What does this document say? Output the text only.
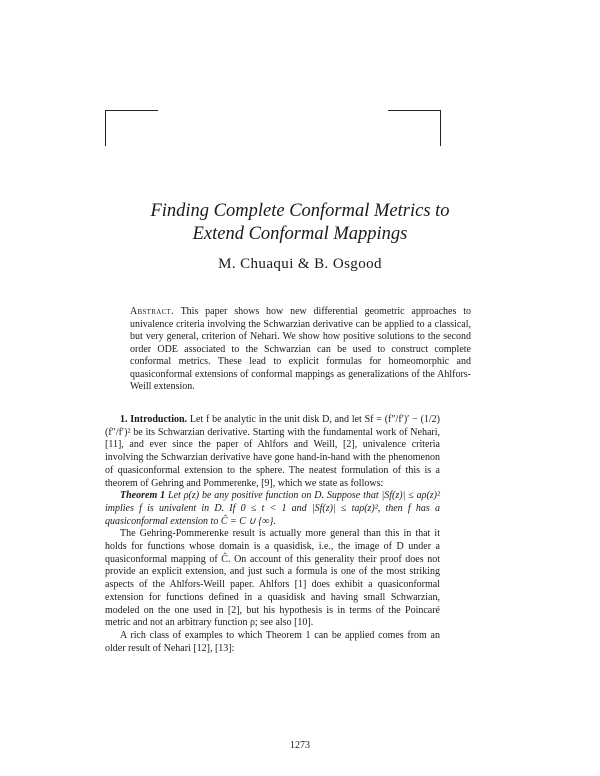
Finding Complete Conformal Metrics to
Extend Conformal Mappings
M. Chuaqui & B. Osgood
Abstract. This paper shows how new differential geometric approaches to univalence criteria involving the Schwarzian derivative can be applied to a classical, but very general, criterion of Nehari. We show how positive solutions to the second order ODE associated to the Schwarzian can be used to construct complete conformal metrics. These lead to explicit formulas for homeomorphic and quasiconformal extensions of conformal mappings as generalizations of the Ahlfors-Weill extension.

1. Introduction. Let f be analytic in the unit disk D, and let Sf = (f″/f′)′ − (1/2)(f″/f′)² be its Schwarzian derivative. Starting with the fundamental work of Nehari, [11], and ever since the paper of Ahlfors and Weill, [2], univalence criteria involving the Schwarzian derivative have gone hand-in-hand with the phenomenon of quasiconformal extension to the sphere. The neatest formulation of this is a theorem of Gehring and Pommerenke, [9], which we state as follows:

Theorem 1 Let ρ(z) be any positive function on D. Suppose that |Sf(z)| ≤ aρ(z)² implies f is univalent in D. If 0 ≤ t < 1 and |Sf(z)| ≤ taρ(z)², then f has a quasiconformal extension to Ĉ = C ∪ {∞}.

The Gehring-Pommerenke result is actually more general than this in that it holds for functions whose domain is a quasidisk, i.e., the image of D under a quasiconformal mapping of Ĉ. On account of this generality their proof does not provide an explicit extension, and just such a formula is one of the most striking aspects of the Ahlfors-Weill paper. Ahlfors [1] does exhibit a quasiconformal extension for functions defined in a quasidisk and having small Schwarzian, modeled on the one used in [2], but his hypothesis is in terms of the Poincaré metric and not an arbitrary function ρ; see also [10].

A rich class of examples to which Theorem 1 can be applied comes from an older result of Nehari [12], [13]:

1273
